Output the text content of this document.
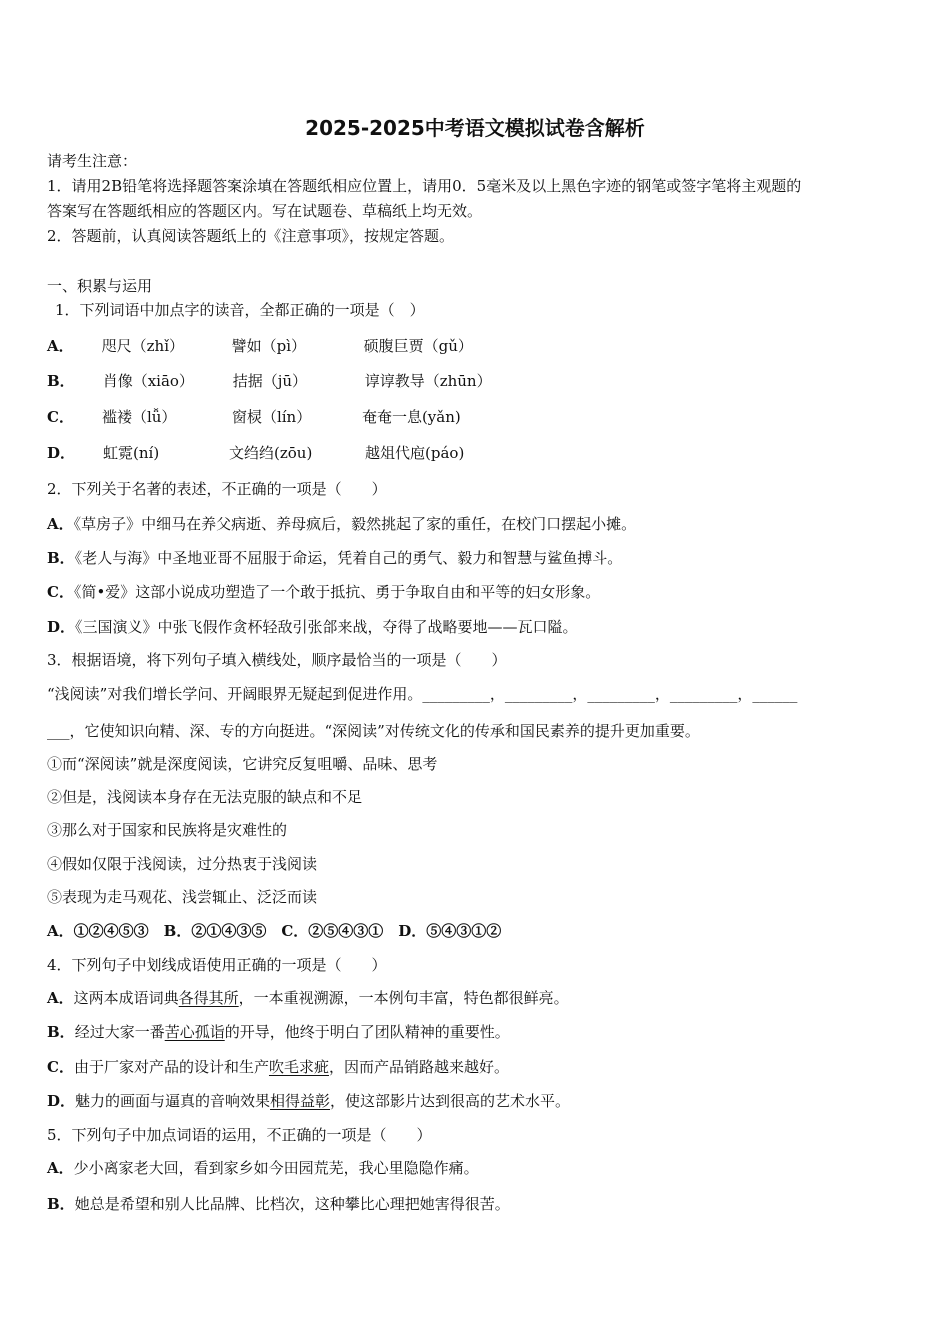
2025-2025中考语文模拟试卷含解析
请考生注意：
1．请用2B铅笔将选择题答案涂填在答题纸相应位置上，请用0．5毫米及以上黑色字迹的钢笔或签字笔将主观题的
答案写在答题纸相应的答题区内。写在试题卷、草稿纸上均无效。
2．答题前，认真阅读答题纸上的《注意事项》，按规定答题。
一、积累与运用
1．下列词语中加点字的读音，全都正确的一项是（　）
A． 咫尺（zhǐ）	譬如（pì）	硕腹巨贾（gǔ）
B． 肖像（xiāo）	拮据（jū）	谆谆教导（zhūn）
C． 褴褛（lǚ）	窗棂（lín）	奄奄一息(yǎn)
D． 虹霓(ní)	文绉绉(zōu)	越俎代庖(páo)
2．下列关于名著的表述，不正确的一项是（　　）
A．《草房子》中细马在养父病逝、养母疯后，毅然挑起了家的重任，在校门口摆起小摊。
B．《老人与海》中圣地亚哥不屈服于命运，凭着自己的勇气、毅力和智慧与鲨鱼搏斗。
C．《简•爱》这部小说成功塑造了一个敢于抵抗、勇于争取自由和平等的妇女形象。
D．《三国演义》中张飞假作贪杯轻敌引张郃来战，夺得了战略要地——瓦口隘。
3．根据语境，将下列句子填入横线处，顺序最恰当的一项是（　　）
“浅阅读”对我们增长学问、开阔眼界无疑起到促进作用。_________，_________，_________，_________，______
___，它使知识向精、深、专的方向挺进。“深阅读”对传统文化的传承和国民素养的提升更加重要。
①而“深阅读”就是深度阅读，它讲究反复咀嚼、品味、思考
②但是，浅阅读本身存在无法克服的缺点和不足
③那么对于国家和民族将是灾难性的
④假如仅限于浅阅读，过分热衷于浅阅读
⑤表现为走马观花、浅尝辄止、泛泛而读
A．①②④⑤③　B．②①④③⑤　C．②⑤④③①　D．⑤④③①②
4．下列句子中划线成语使用正确的一项是（　　）
A．这两本成语词典各得其所，一本重视溯源，一本例句丰富，特色都很鲜亮。
B．经过大家一番苦心孤诣的开导，他终于明白了团队精神的重要性。
C．由于厂家对产品的设计和生产吹毛求疵，因而产品销路越来越好。
D．魅力的画面与逼真的音响效果相得益彰，使这部影片达到很高的艺术水平。
5．下列句子中加点词语的运用，不正确的一项是（　　）
A．少小离家老大回，看到家乡如今田园荒芜，我心里隐隐作痛。
B．她总是希望和别人比品牌、比档次，这种攀比心理把她害得很苦。
